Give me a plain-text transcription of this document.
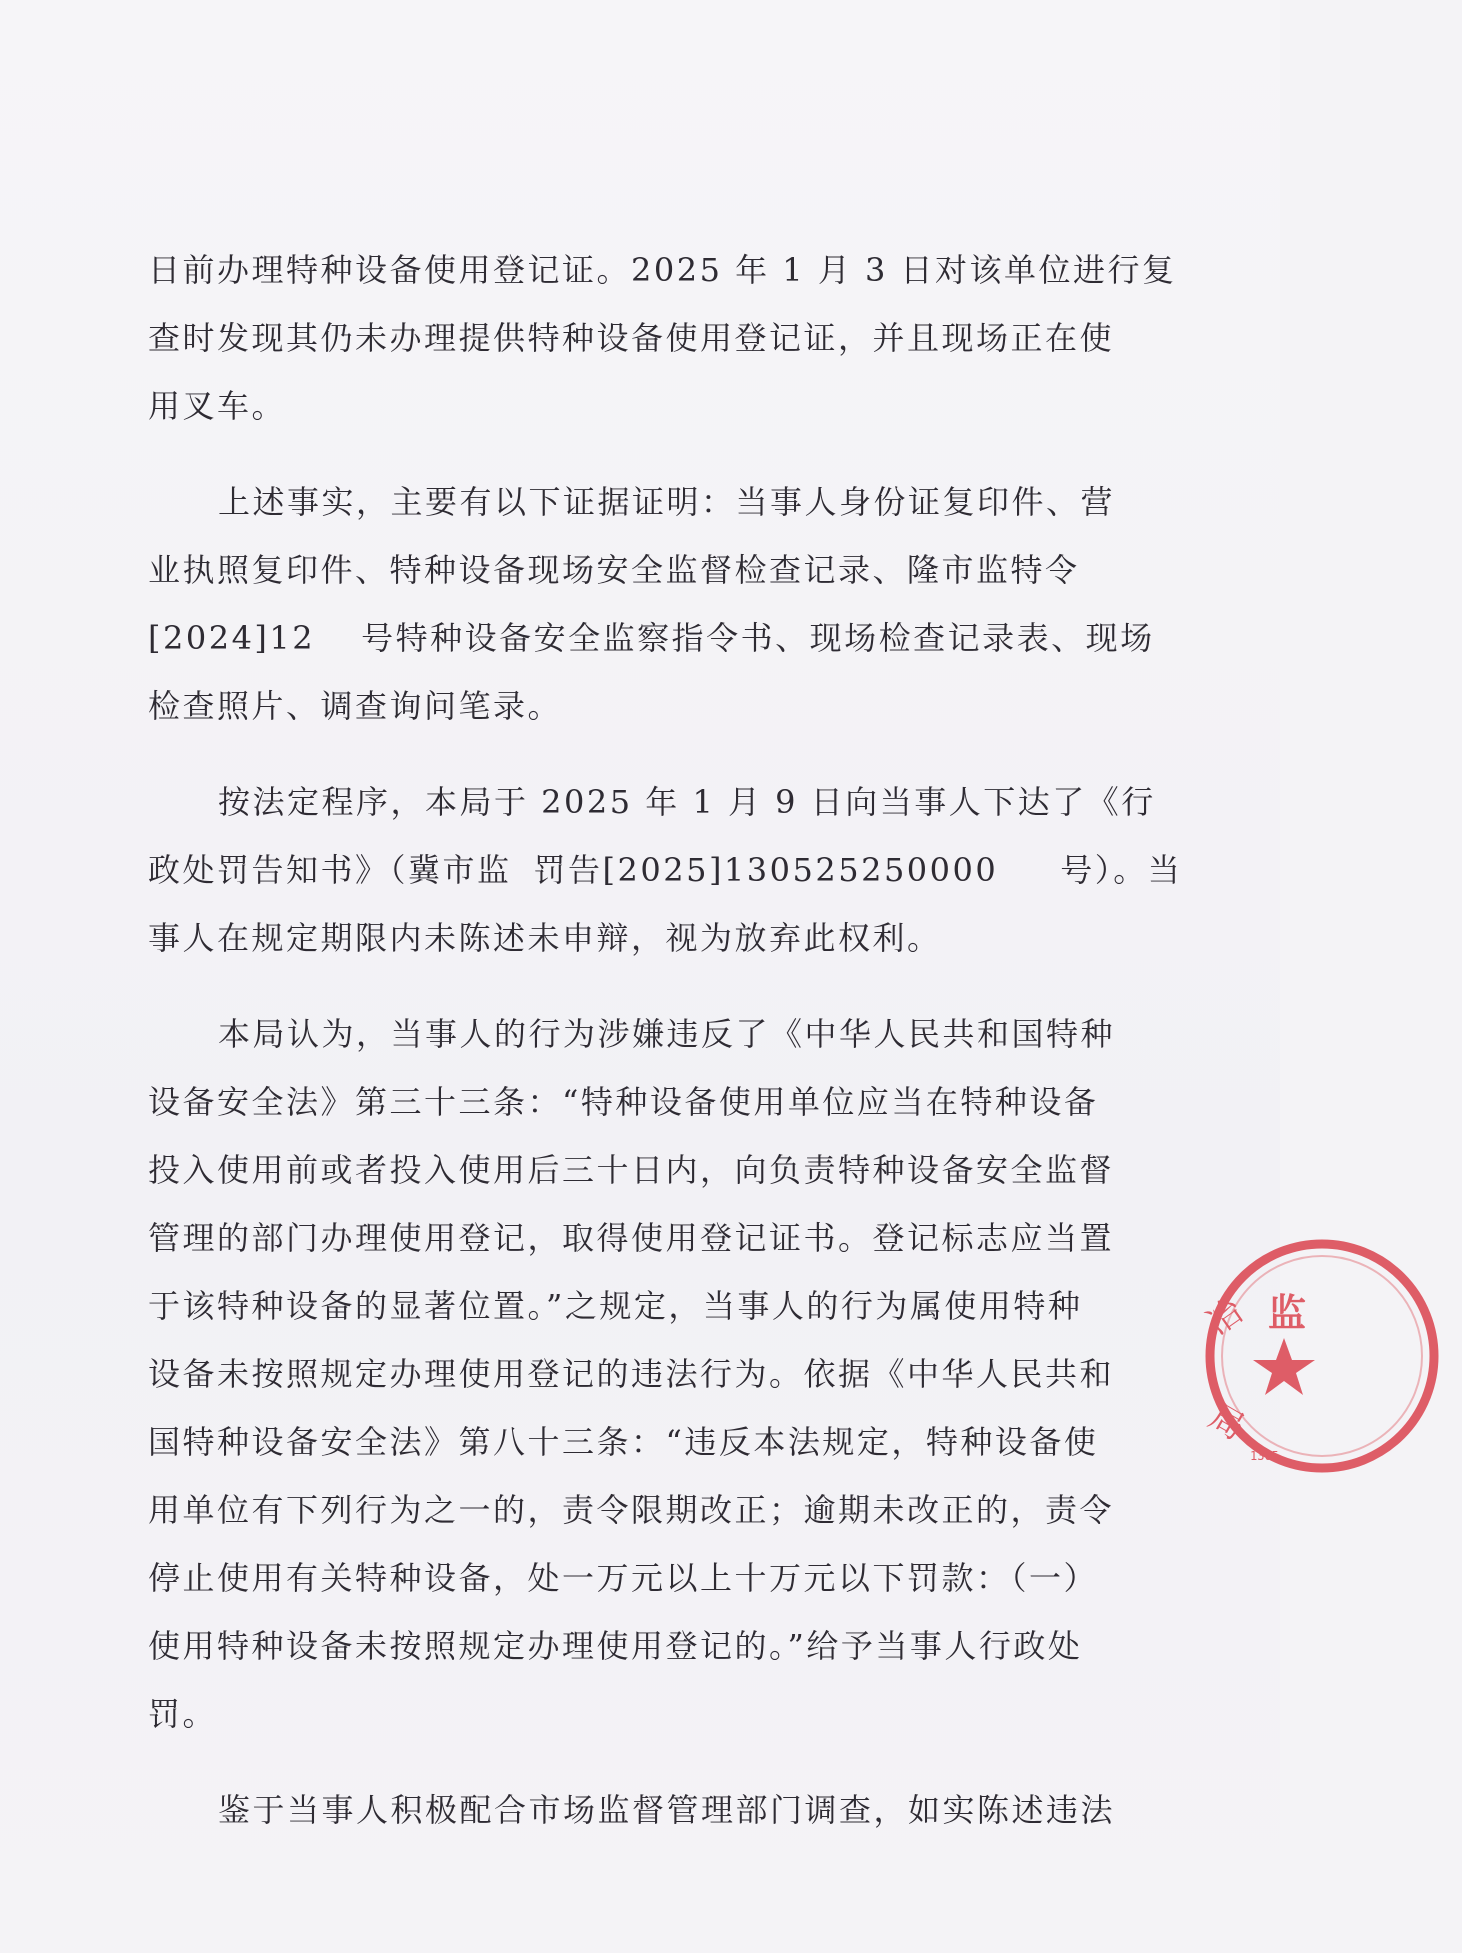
日前办理特种设备使用登记证。2025 年 1 月 3 日对该单位进行复
查时发现其仍未办理提供特种设备使用登记证，并且现场正在使
用叉车。
上述事实，主要有以下证据证明：当事人身份证复印件、营
业执照复印件、特种设备现场安全监督检查记录、隆市监特令
[2024]12 号特种设备安全监察指令书、现场检查记录表、现场
检查照片、调查询问笔录。
按法定程序，本局于 2025 年 1 月 9 日向当事人下达了《行
政处罚告知书》（冀市监 罚告[2025]130525250000 号）。当
事人在规定期限内未陈述未申辩，视为放弃此权利。
本局认为，当事人的行为涉嫌违反了《中华人民共和国特种
设备安全法》第三十三条：“特种设备使用单位应当在特种设备
投入使用前或者投入使用后三十日内，向负责特种设备安全监督
管理的部门办理使用登记，取得使用登记证书。登记标志应当置
于该特种设备的显著位置。”之规定，当事人的行为属使用特种
设备未按照规定办理使用登记的违法行为。依据《中华人民共和
国特种设备安全法》第八十三条：“违反本法规定，特种设备使
用单位有下列行为之一的，责令限期改正；逾期未改正的，责令
停止使用有关特种设备，处一万元以上十万元以下罚款：（一）
使用特种设备未按照规定办理使用登记的。”给予当事人行政处
罚。
鉴于当事人积极配合市场监督管理部门调查，如实陈述违法
监
冶
局
1305
